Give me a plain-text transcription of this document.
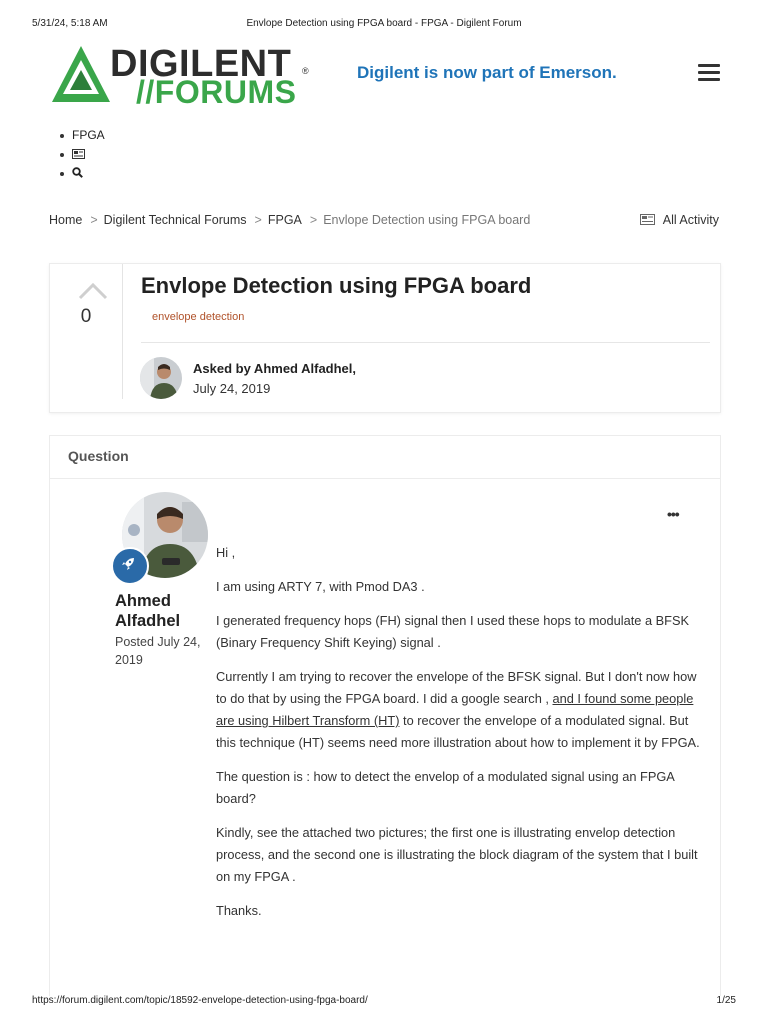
5/31/24, 5:18 AM	Envlope Detection using FPGA board - FPGA - Digilent Forum
DIGILENT ®
//FORUMS
Digilent is now part of Emerson.
FPGA
Home > Digilent Technical Forums > FPGA > Envlope Detection using FPGA board	All Activity
0
Envlope Detection using FPGA board
envelope detection
Asked by Ahmed Alfadhel,
July 24, 2019
Question
•••
Ahmed Alfadhel
Posted July 24, 2019

Hi ,

I am using ARTY 7, with Pmod DA3 .

I generated frequency hops (FH) signal then I used these hops to modulate a BFSK (Binary Frequency Shift Keying) signal .

Currently I am trying to recover the envelope of the BFSK signal. But I don't now how to do that by using the FPGA board. I did a google search , and I found some people are using Hilbert Transform (HT) to recover the envelope of a modulated signal. But this technique (HT) seems need more illustration about how to implement it by FPGA.

The question is : how to detect the envelop of a modulated signal using an FPGA board?

Kindly, see the attached two pictures; the first one is illustrating envelop detection process, and the second one is illustrating the block diagram of the system that I built on my FPGA .

Thanks.

https://forum.digilent.com/topic/18592-envelope-detection-using-fpga-board/	1/25
